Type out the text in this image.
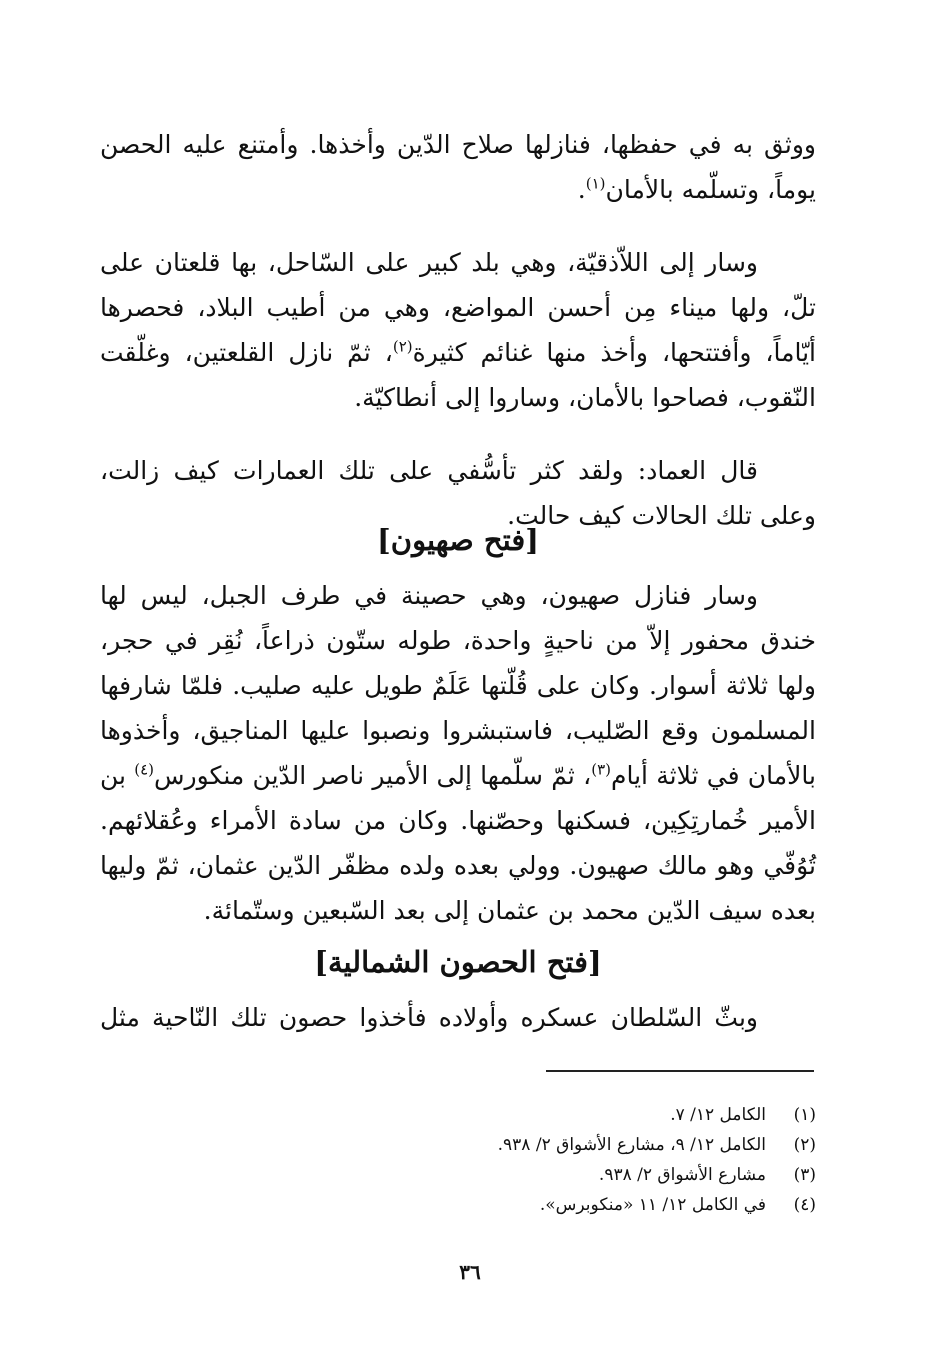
ووثق به في حفظها، فنازلها صلاح الدّين وأخذها. وأمتنع عليه الحصن يوماً، وتسلّمه بالأمان$^{(١)}$.

وسار إلى اللاّذقيّة، وهي بلد كبير على السّاحل، بها قلعتان على تلّ، ولها ميناء مِن أحسن المواضع، وهي من أطيب البلاد، فحصرها أيّاماً، وأفتتحها، وأخذ منها غنائم كثيرة$^{(٢)}$، ثمّ نازل القلعتين، وغلّقت النّقوب، فصاحوا بالأمان، وساروا إلى أنطاكيّة.

قال العماد: ولقد كثر تأسُّفي على تلك العمارات كيف زالت، وعلى تلك الحالات كيف حالت.

[فتح صهيون]

وسار فنازل صهيون، وهي حصينة في طرف الجبل، ليس لها خندق محفور إلاّ من ناحيةٍ واحدة، طوله ستّون ذراعاً، نُقِر في حجر، ولها ثلاثة أسوار. وكان على قُلّتها عَلَمٌ طويل عليه صليب. فلمّا شارفها المسلمون وقع الصّليب، فاستبشروا ونصبوا عليها المناجيق، وأخذوها بالأمان في ثلاثة أيام$^{(٣)}$، ثمّ سلّمها إلى الأمير ناصر الدّين منكورس$^{(٤)}$ بن الأمير خُمارتِكِين، فسكنها وحصّنها. وكان من سادة الأمراء وعُقلائهم. تُوُفّي وهو مالك صهيون. وولي بعده ولده مظفّر الدّين عثمان، ثمّ وليها بعده سيف الدّين محمد بن عثمان إلى بعد السّبعين وستّمائة.

[فتح الحصون الشمالية]

وبثّ السّلطان عسكره وأولاده فأخذوا حصون تلك النّاحية مثل

(١)
الكامل ١٢/ ٧.
(٢)
الكامل ١٢/ ٩، مشارع الأشواق ٢/ ٩٣٨.
(٣)
مشارع الأشواق ٢/ ٩٣٨.
(٤)
في الكامل ١٢/ ١١ «منكوبرس».
٣٦
